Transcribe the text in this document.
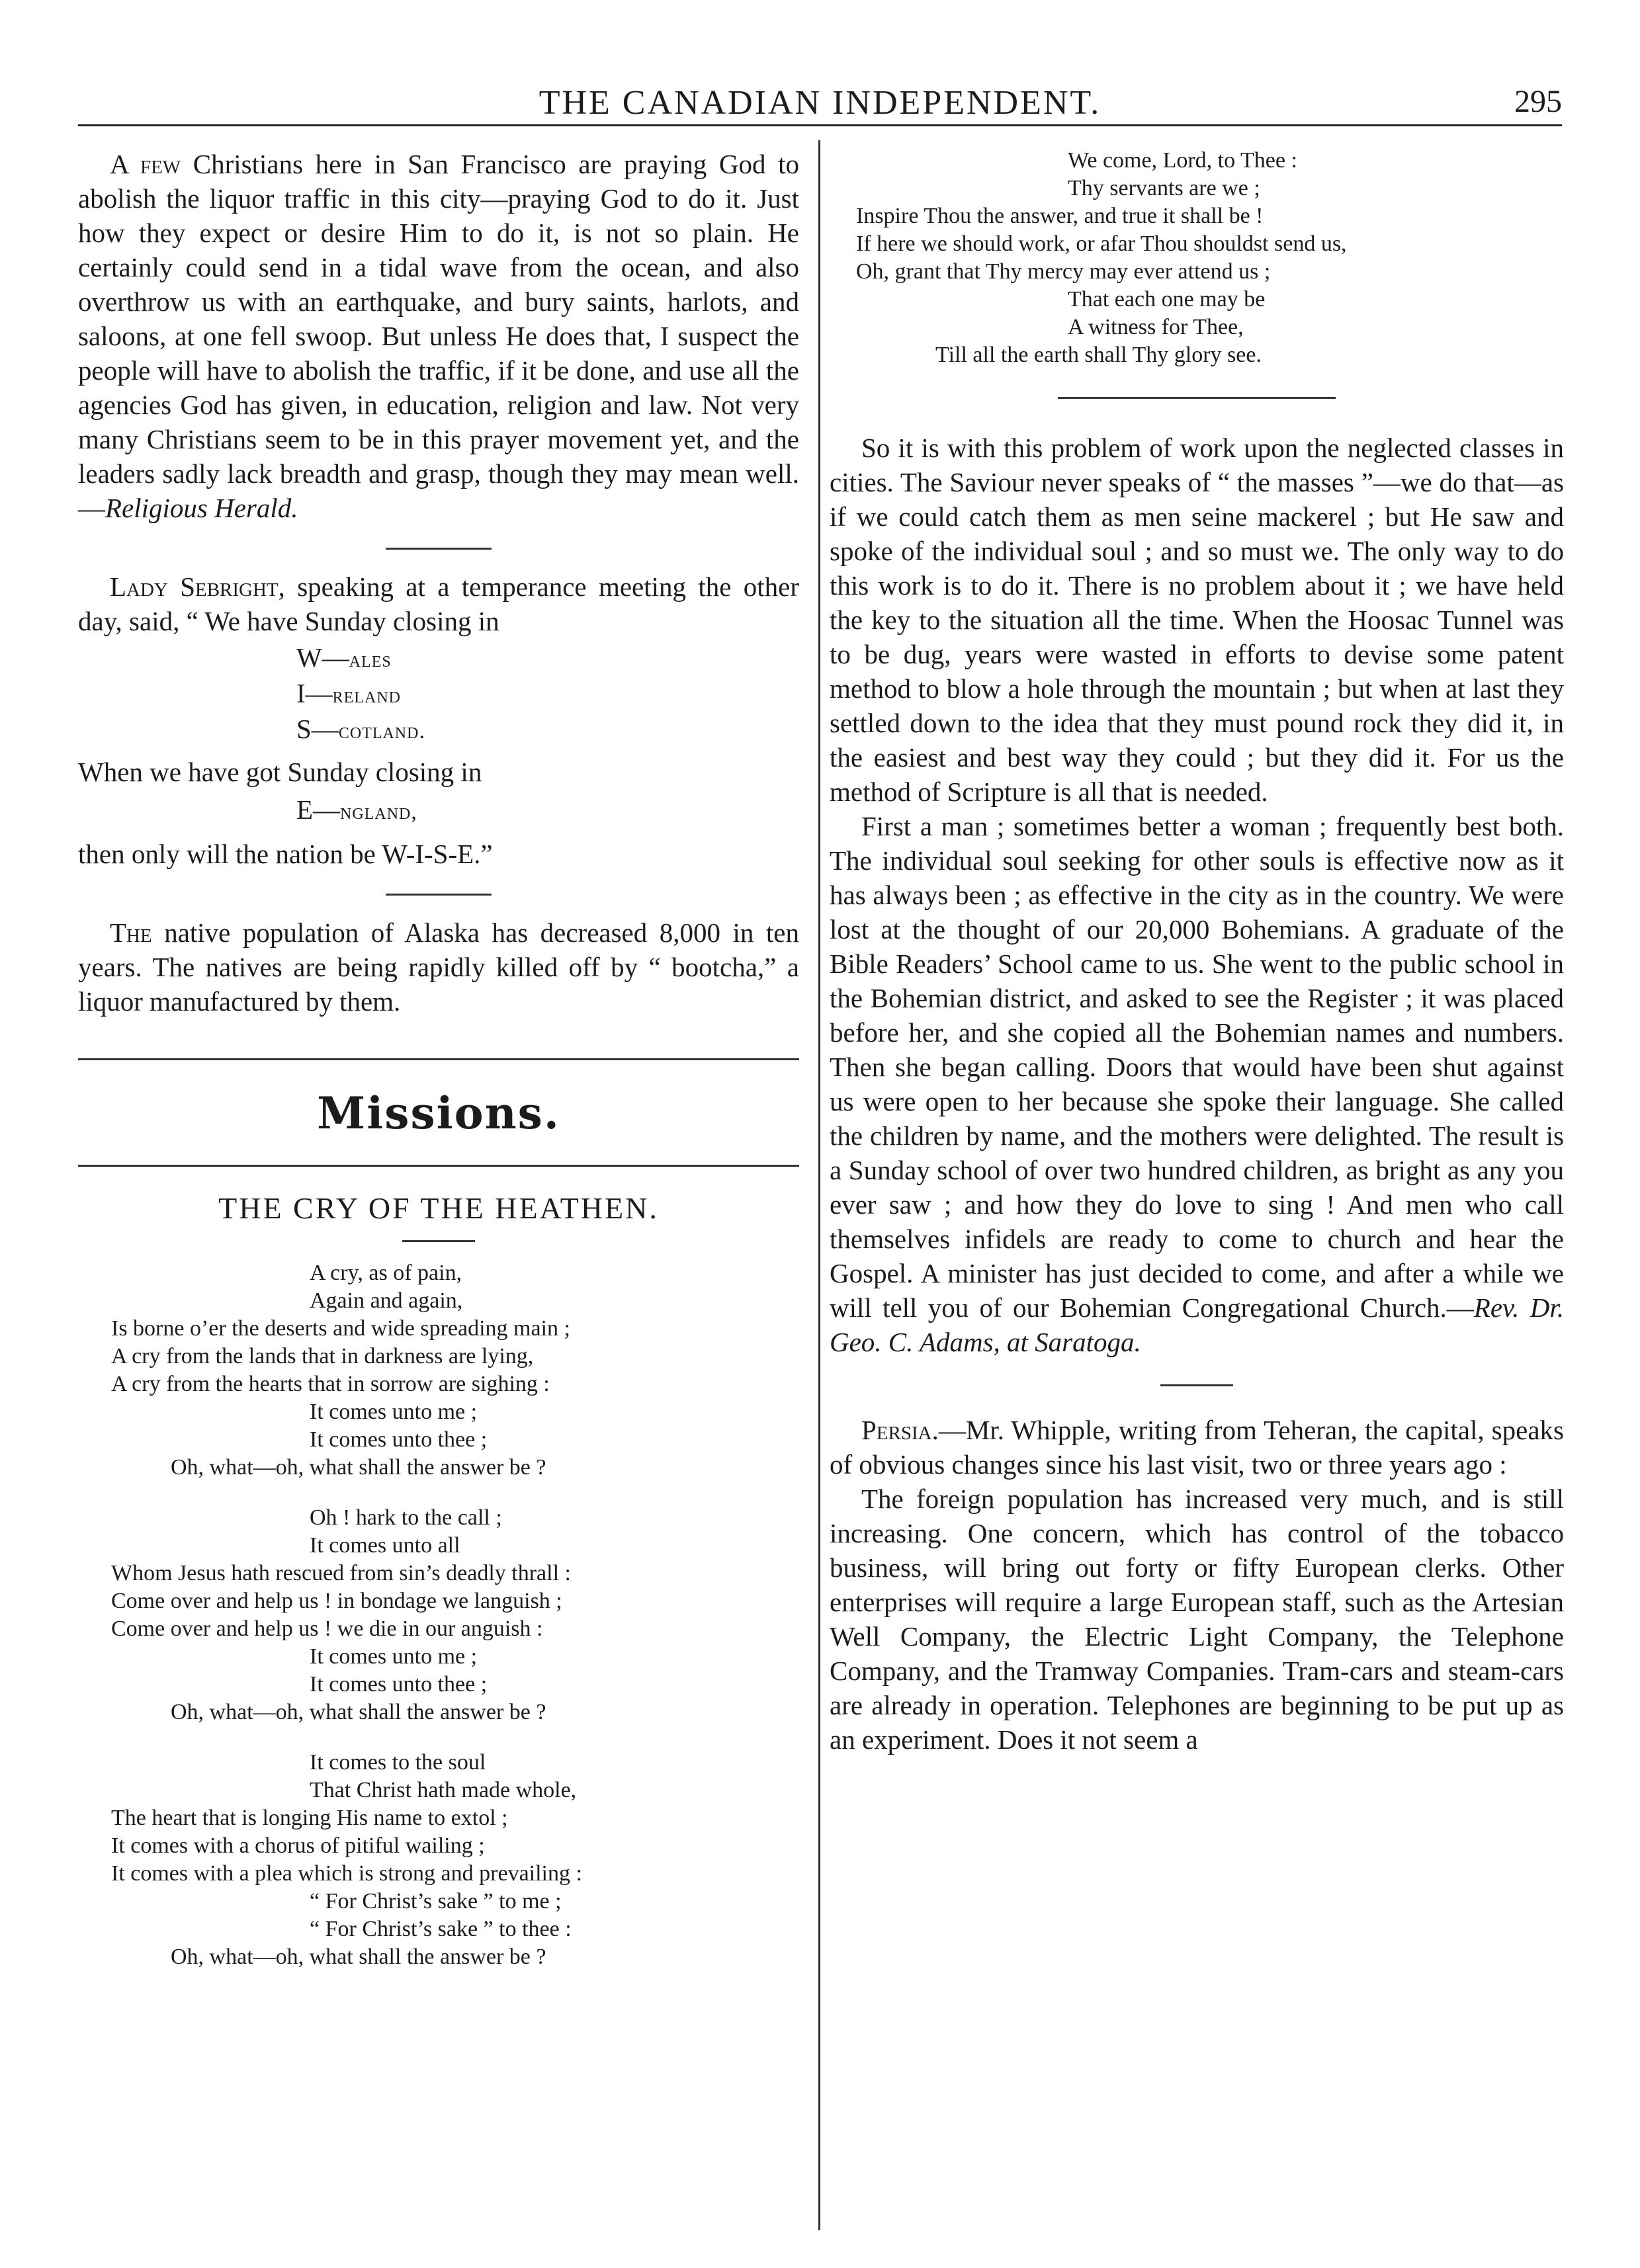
THE CANADIAN INDEPENDENT.	295

A few Christians here in San Francisco are praying God to abolish the liquor traffic in this city—praying God to do it. Just how they expect or desire Him to do it, is not so plain. He certainly could send in a tidal wave from the ocean, and also overthrow us with an earthquake, and bury saints, harlots, and saloons, at one fell swoop. But unless He does that, I suspect the people will have to abolish the traffic, if it be done, and use all the agencies God has given, in education, religion and law. Not very many Christians seem to be in this prayer movement yet, and the leaders sadly lack breadth and grasp, though they may mean well.—Religious Herald.

Lady Sebright, speaking at a temperance meeting the other day, said, “ We have Sunday closing in

W—ales

I—reland

S—cotland.

When we have got Sunday closing in

E—ngland,

then only will the nation be W-I-S-E.”

The native population of Alaska has decreased 8,000 in ten years. The natives are being rapidly killed off by “ bootcha,” a liquor manufactured by them.

Missions.
THE CRY OF THE HEATHEN.

A cry, as of pain,

Again and again,

Is borne o’er the deserts and wide spreading main ;

A cry from the lands that in darkness are lying,

A cry from the hearts that in sorrow are sighing :

It comes unto me ;

It comes unto thee ;

Oh, what—oh, what shall the answer be ?

Oh ! hark to the call ;

It comes unto all

Whom Jesus hath rescued from sin’s deadly thrall :

Come over and help us ! in bondage we languish ;

Come over and help us ! we die in our anguish :

It comes unto me ;

It comes unto thee ;

Oh, what—oh, what shall the answer be ?

It comes to the soul

That Christ hath made whole,

The heart that is longing His name to extol ;

It comes with a chorus of pitiful wailing ;

It comes with a plea which is strong and prevailing :

“ For Christ’s sake ” to me ;

“ For Christ’s sake ” to thee :

Oh, what—oh, what shall the answer be ?

We come, Lord, to Thee :

Thy servants are we ;

Inspire Thou the answer, and true it shall be !

If here we should work, or afar Thou shouldst send us,

Oh, grant that Thy mercy may ever attend us ;

That each one may be

A witness for Thee,

Till all the earth shall Thy glory see.

So it is with this problem of work upon the neglected classes in cities. The Saviour never speaks of “ the masses ”—we do that—as if we could catch them as men seine mackerel ; but He saw and spoke of the individual soul ; and so must we. The only way to do this work is to do it. There is no problem about it ; we have held the key to the situation all the time. When the Hoosac Tunnel was to be dug, years were wasted in efforts to devise some patent method to blow a hole through the mountain ; but when at last they settled down to the idea that they must pound rock they did it, in the easiest and best way they could ; but they did it. For us the method of Scripture is all that is needed.

First a man ; sometimes better a woman ; frequently best both. The individual soul seeking for other souls is effective now as it has always been ; as effective in the city as in the country. We were lost at the thought of our 20,000 Bohemians. A graduate of the Bible Readers’ School came to us. She went to the public school in the Bohemian district, and asked to see the Register ; it was placed before her, and she copied all the Bohemian names and numbers. Then she began calling. Doors that would have been shut against us were open to her because she spoke their language. She called the children by name, and the mothers were delighted. The result is a Sunday school of over two hundred children, as bright as any you ever saw ; and how they do love to sing ! And men who call themselves infidels are ready to come to church and hear the Gospel. A minister has just decided to come, and after a while we will tell you of our Bohemian Congregational Church.—Rev. Dr. Geo. C. Adams, at Saratoga.

Persia.—Mr. Whipple, writing from Teheran, the capital, speaks of obvious changes since his last visit, two or three years ago :

The foreign population has increased very much, and is still increasing. One concern, which has control of the tobacco business, will bring out forty or fifty European clerks. Other enterprises will require a large European staff, such as the Artesian Well Company, the Electric Light Company, the Telephone Company, and the Tramway Companies. Tram-cars and steam-cars are already in operation. Telephones are beginning to be put up as an experiment. Does it not seem a
